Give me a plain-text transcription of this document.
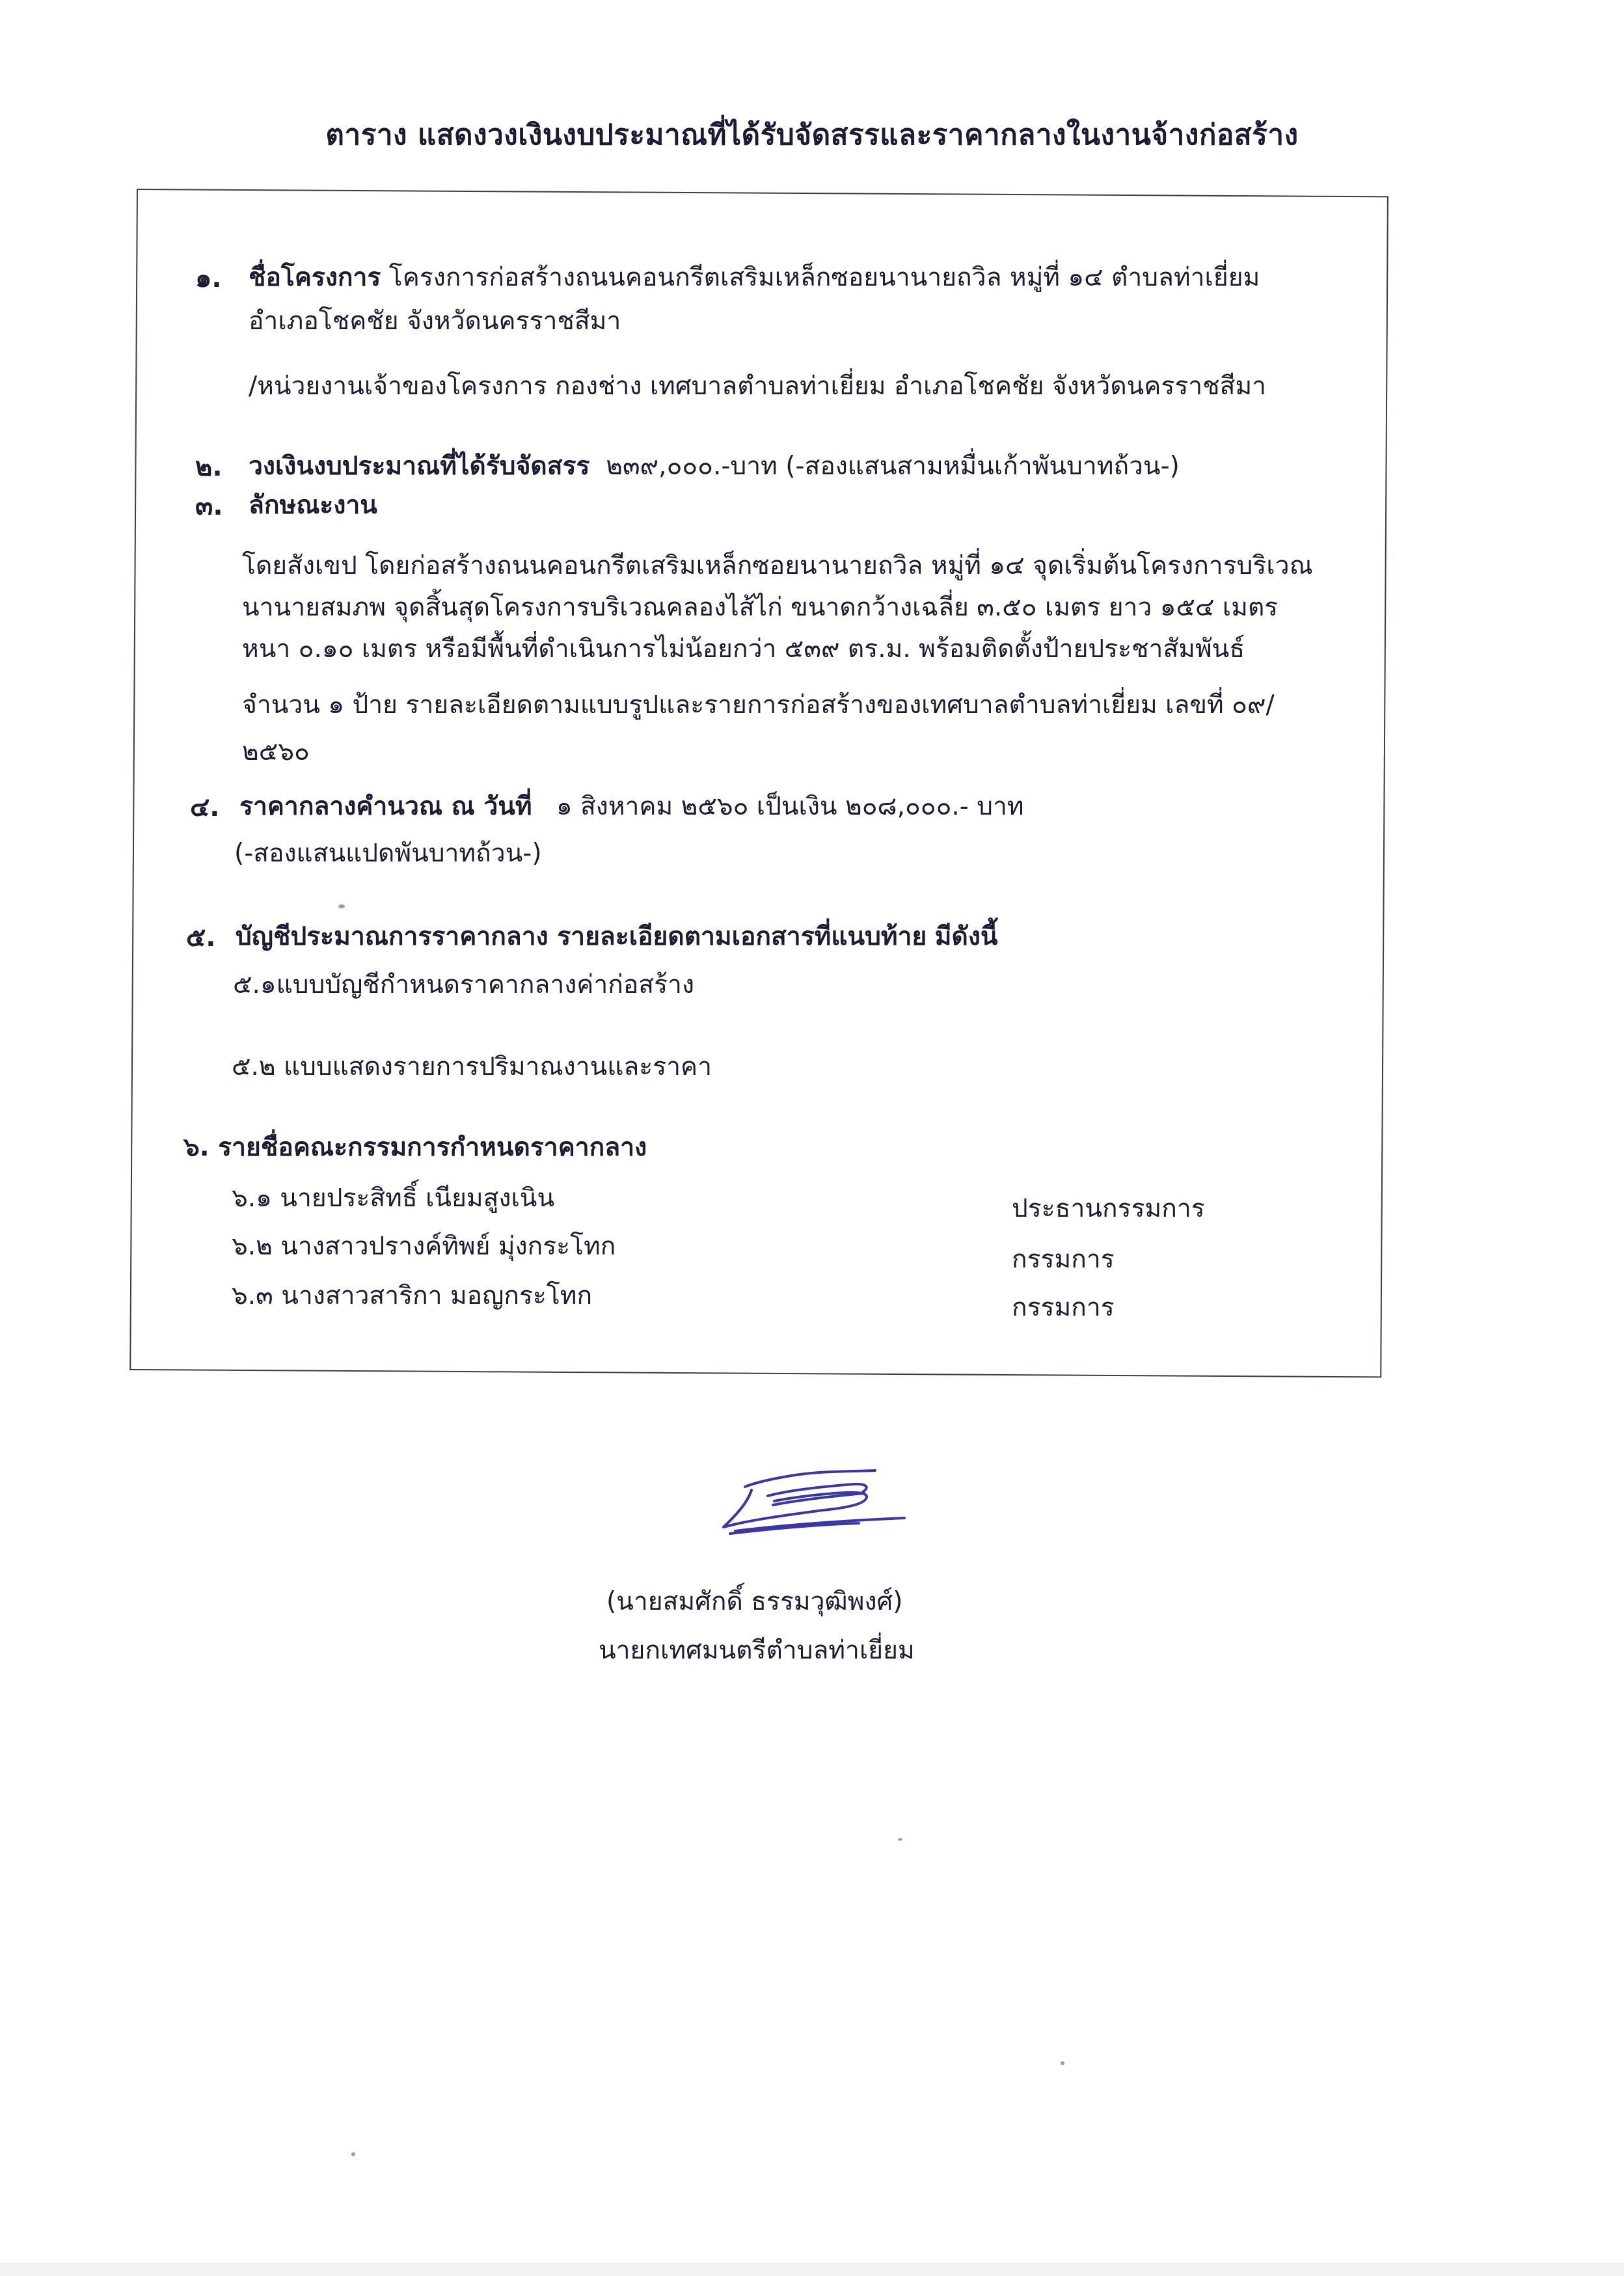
ตาราง แสดงวงเงินงบประมาณที่ได้รับจัดสรรและราคากลางในงานจ้างก่อสร้าง
๑. ชื่อโครงการ โครงการก่อสร้างถนนคอนกรีตเสริมเหล็กซอยนานายถวิล หมู่ที่ ๑๔ ตำบลท่าเยี่ยม
อำเภอโชคชัย จังหวัดนครราชสีมา
/หน่วยงานเจ้าของโครงการ กองช่าง เทศบาลตำบลท่าเยี่ยม อำเภอโชคชัย จังหวัดนครราชสีมา
๒. วงเงินงบประมาณที่ได้รับจัดสรร ๒๓๙,๐๐๐.-บาท (-สองแสนสามหมื่นเก้าพันบาทถ้วน-)
๓. ลักษณะงาน
โดยสังเขป โดยก่อสร้างถนนคอนกรีตเสริมเหล็กซอยนานายถวิล หมู่ที่ ๑๔ จุดเริ่มต้นโครงการบริเวณ
นานายสมภพ จุดสิ้นสุดโครงการบริเวณคลองไส้ไก่ ขนาดกว้างเฉลี่ย ๓.๕๐ เมตร ยาว ๑๕๔ เมตร
หนา ๐.๑๐ เมตร หรือมีพื้นที่ดำเนินการไม่น้อยกว่า ๕๓๙ ตร.ม. พร้อมติดตั้งป้ายประชาสัมพันธ์
จำนวน ๑ ป้าย รายละเอียดตามแบบรูปและรายการก่อสร้างของเทศบาลตำบลท่าเยี่ยม เลขที่ ๐๙/
๒๕๖๐
๔. ราคากลางคำนวณ ณ วันที่ ๑ สิงหาคม ๒๕๖๐ เป็นเงิน ๒๐๘,๐๐๐.- บาท
(-สองแสนแปดพันบาทถ้วน-)
๕. บัญชีประมาณการราคากลาง รายละเอียดตามเอกสารที่แนบท้าย มีดังนี้
๕.๑แบบบัญชีกำหนดราคากลางค่าก่อสร้าง
๕.๒ แบบแสดงรายการปริมาณงานและราคา
๖. รายชื่อคณะกรรมการกำหนดราคากลาง
๖.๑ นายประสิทธิ์ เนียมสูงเนิน	ประธานกรรมการ
๖.๒ นางสาวปรางค์ทิพย์ มุ่งกระโทก	กรรมการ
๖.๓ นางสาวสาริกา มอญกระโทก	กรรมการ
(นายสมศักดิ์ ธรรมวุฒิพงศ์)
นายกเทศมนตรีตำบลท่าเยี่ยม
